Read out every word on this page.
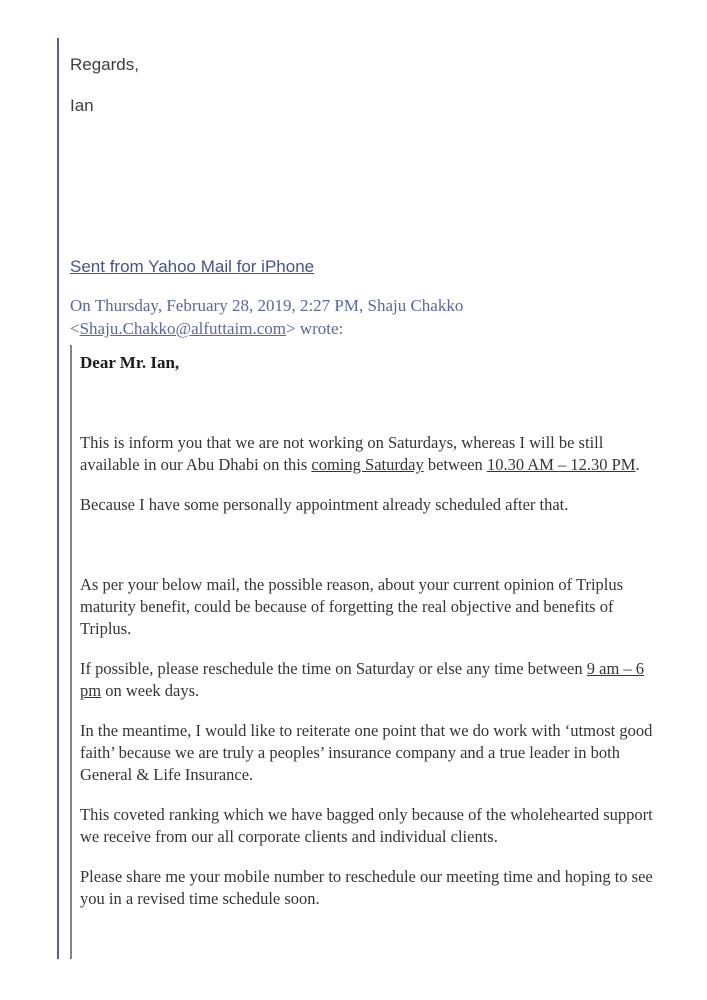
Regards,
Ian
Sent from Yahoo Mail for iPhone
On Thursday, February 28, 2019, 2:27 PM, Shaju Chakko
<Shaju.Chakko@alfuttaim.com> wrote:
Dear Mr. Ian,
This is inform you that we are not working on Saturdays, whereas I will be still
available in our Abu Dhabi on this coming Saturday between 10.30 AM – 12.30 PM.
Because I have some personally appointment already scheduled after that.
As per your below mail, the possible reason, about your current opinion of Triplus
maturity benefit, could be because of forgetting the real objective and benefits of
Triplus.
If possible, please reschedule the time on Saturday or else any time between 9 am – 6
pm on week days.
In the meantime, I would like to reiterate one point that we do work with ‘utmost good
faith’ because we are truly a peoples’ insurance company and a true leader in both
General & Life Insurance.
This coveted ranking which we have bagged only because of the wholehearted support
we receive from our all corporate clients and individual clients.
Please share me your mobile number to reschedule our meeting time and hoping to see
you in a revised time schedule soon.
